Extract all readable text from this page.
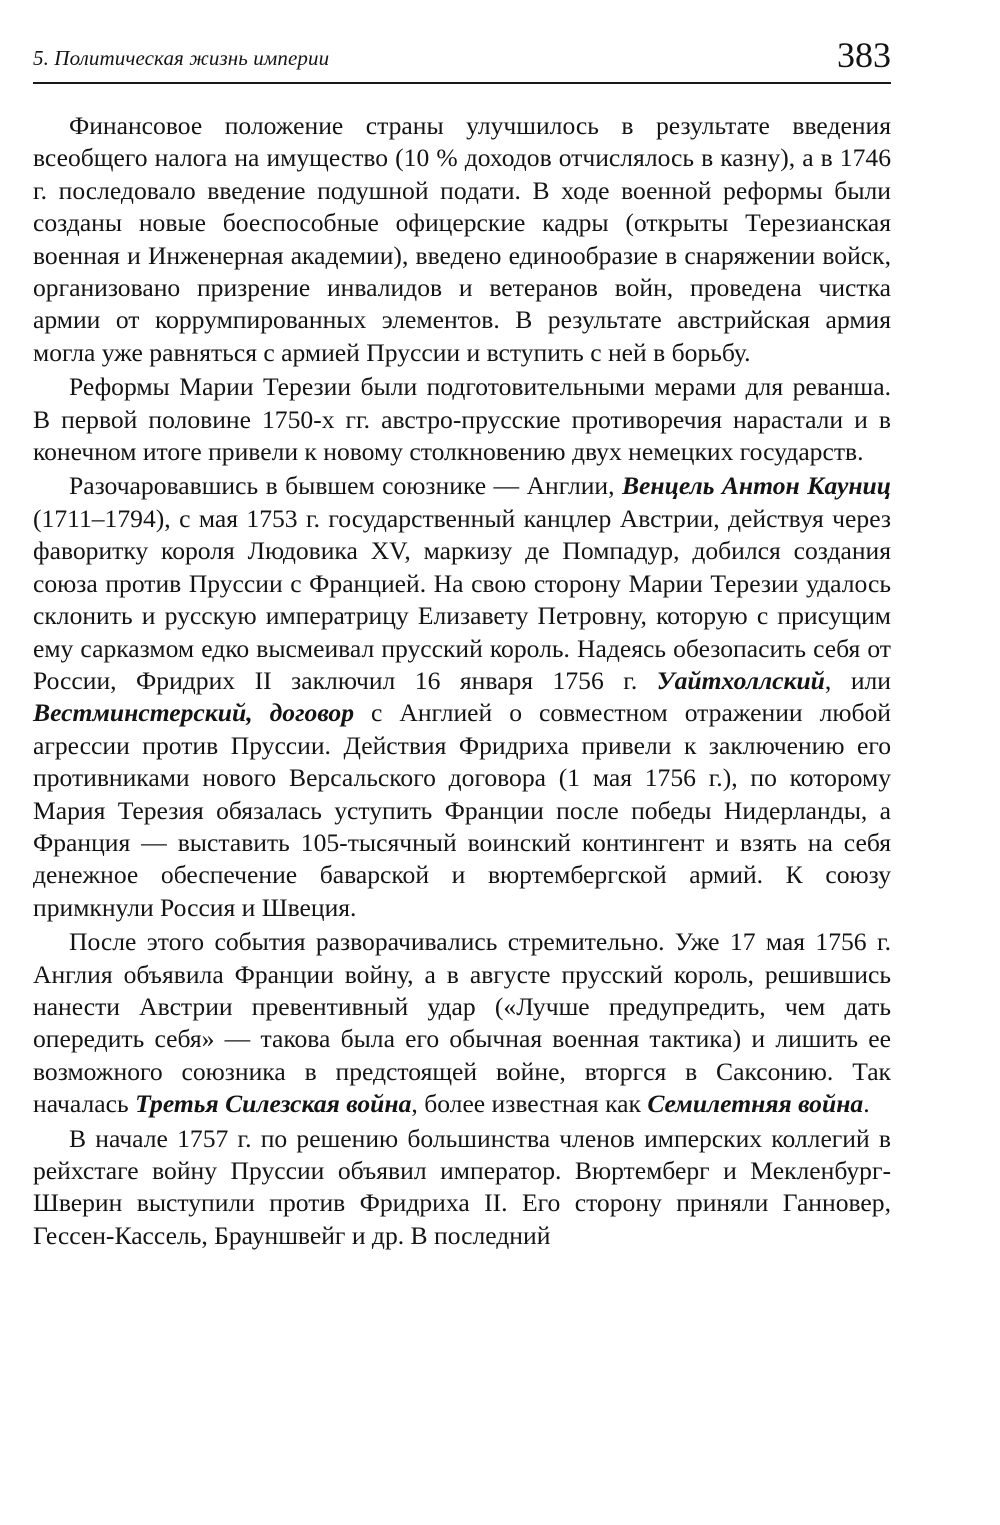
5. Политическая жизнь империи	383

Финансовое положение страны улучшилось в результате введения всеобщего налога на имущество (10 % доходов отчислялось в казну), а в 1746 г. последовало введение подушной подати. В ходе военной реформы были созданы новые боеспособные офицерские кадры (открыты Терезианская военная и Инженерная академии), введено единообразие в снаряжении войск, организовано призрение инвалидов и ветеранов войн, проведена чистка армии от коррумпированных элементов. В результате австрийская армия могла уже равняться с армией Пруссии и вступить с ней в борьбу.

Реформы Марии Терезии были подготовительными мерами для реванша. В первой половине 1750-х гг. австро-прусские противоречия нарастали и в конечном итоге привели к новому столкновению двух немецких государств.

Разочаровавшись в бывшем союзнике — Англии, Венцель Антон Кауниц (1711–1794), с мая 1753 г. государственный канцлер Австрии, действуя через фаворитку короля Людовика XV, маркизу де Помпадур, добился создания союза против Пруссии с Францией. На свою сторону Марии Терезии удалось склонить и русскую императрицу Елизавету Петровну, которую с присущим ему сарказмом едко высмеивал прусский король. Надеясь обезопасить себя от России, Фридрих II заключил 16 января 1756 г. Уайтхоллский, или Вестминстерский, договор с Англией о совместном отражении любой агрессии против Пруссии. Действия Фридриха привели к заключению его противниками нового Версальского договора (1 мая 1756 г.), по которому Мария Терезия обязалась уступить Франции после победы Нидерланды, а Франция — выставить 105-тысячный воинский контингент и взять на себя денежное обеспечение баварской и вюртембергской армий. К союзу примкнули Россия и Швеция.

После этого события разворачивались стремительно. Уже 17 мая 1756 г. Англия объявила Франции войну, а в августе прусский король, решившись нанести Австрии превентивный удар («Лучше предупредить, чем дать опередить себя» — такова была его обычная военная тактика) и лишить ее возможного союзника в предстоящей войне, вторгся в Саксонию. Так началась Третья Силезская война, более известная как Семилетняя война.

В начале 1757 г. по решению большинства членов имперских коллегий в рейхстаге войну Пруссии объявил император. Вюртемберг и Мекленбург-Шверин выступили против Фридриха II. Его сторону приняли Ганновер, Гессен-Кассель, Брауншвейг и др. В последний
